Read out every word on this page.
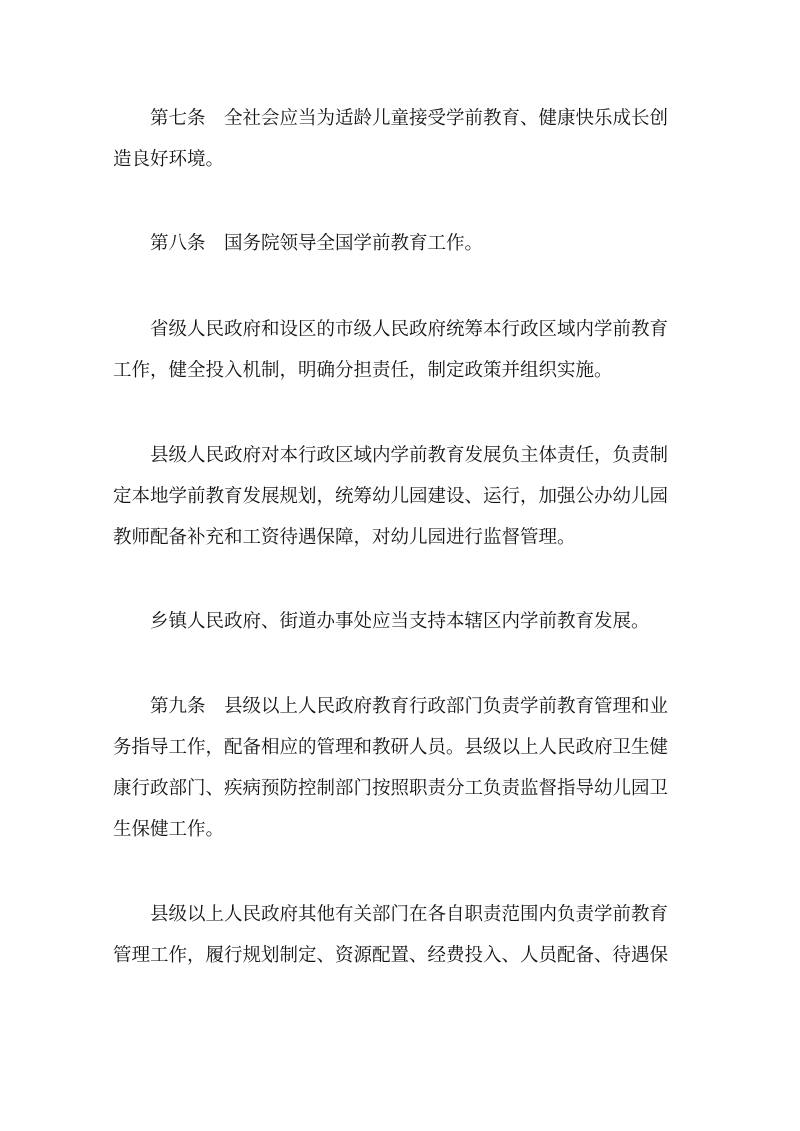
第七条　全社会应当为适龄儿童接受学前教育、健康快乐成长创

造良好环境。

第八条　国务院领导全国学前教育工作。

省级人民政府和设区的市级人民政府统筹本行政区域内学前教育

工作，健全投入机制，明确分担责任，制定政策并组织实施。

县级人民政府对本行政区域内学前教育发展负主体责任，负责制

定本地学前教育发展规划，统筹幼儿园建设、运行，加强公办幼儿园

教师配备补充和工资待遇保障，对幼儿园进行监督管理。

乡镇人民政府、街道办事处应当支持本辖区内学前教育发展。

第九条　县级以上人民政府教育行政部门负责学前教育管理和业

务指导工作，配备相应的管理和教研人员。县级以上人民政府卫生健

康行政部门、疾病预防控制部门按照职责分工负责监督指导幼儿园卫

生保健工作。

县级以上人民政府其他有关部门在各自职责范围内负责学前教育

管理工作，履行规划制定、资源配置、经费投入、人员配备、待遇保
